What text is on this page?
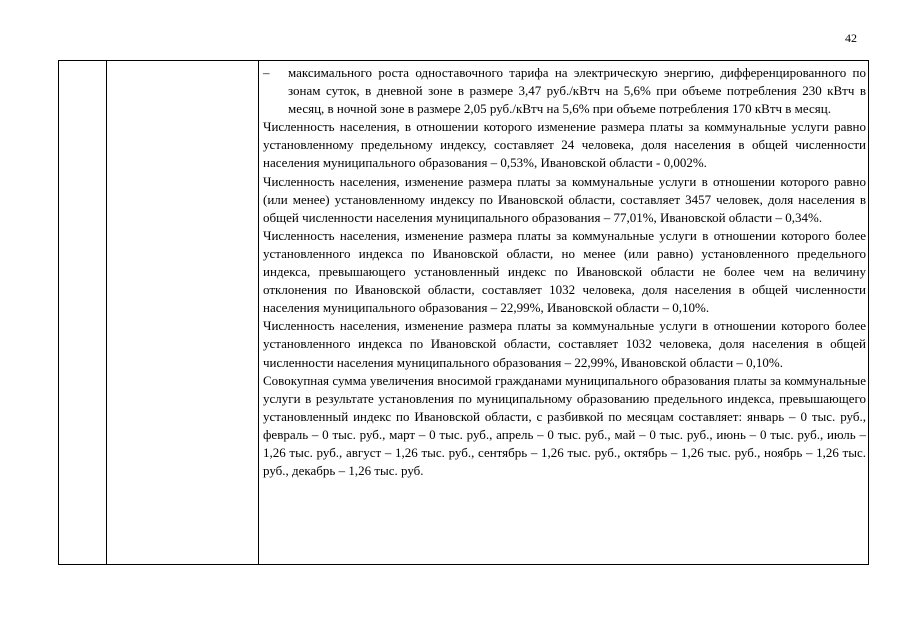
42
–	максимального роста одноставочного тарифа на электрическую энергию, дифференцированного по зонам суток, в дневной зоне в размере 3,47 руб./кВтч на 5,6% при объеме потребления 230 кВтч в месяц, в ночной зоне в размере 2,05 руб./кВтч на 5,6% при объеме потребления 170 кВтч в месяц.

Численность населения, в отношении которого изменение размера платы за коммунальные услуги равно установленному предельному индексу, составляет 24 человека, доля населения в общей численности населения муниципального образования – 0,53%, Ивановской области - 0,002%.

Численность населения, изменение размера платы за коммунальные услуги в отношении которого равно (или менее) установленному индексу по Ивановской области, составляет 3457 человек, доля населения в общей численности населения муниципального образования – 77,01%, Ивановской области – 0,34%.

Численность населения, изменение размера платы за коммунальные услуги в отношении которого более установленного индекса по Ивановской области, но менее (или равно) установленного предельного индекса, превышающего установленный индекс по Ивановской области не более чем на величину отклонения по Ивановской области, составляет 1032 человека, доля населения в общей численности населения муниципального образования – 22,99%, Ивановской области – 0,10%.

Численность населения, изменение размера платы за коммунальные услуги в отношении которого более установленного индекса по Ивановской области, составляет 1032 человека, доля населения в общей численности населения муниципального образования – 22,99%, Ивановской области – 0,10%.

Совокупная сумма увеличения вносимой гражданами муниципального образования платы за коммунальные услуги в результате установления по муниципальному образованию предельного индекса, превышающего установленный индекс по Ивановской области, с разбивкой по месяцам составляет: январь – 0 тыс. руб., февраль – 0 тыс. руб., март – 0 тыс. руб., апрель – 0 тыс. руб., май – 0 тыс. руб., июнь – 0 тыс. руб., июль – 1,26 тыс. руб., август – 1,26 тыс. руб., сентябрь – 1,26 тыс. руб., октябрь – 1,26 тыс. руб., ноябрь – 1,26 тыс. руб., декабрь – 1,26 тыс. руб.
